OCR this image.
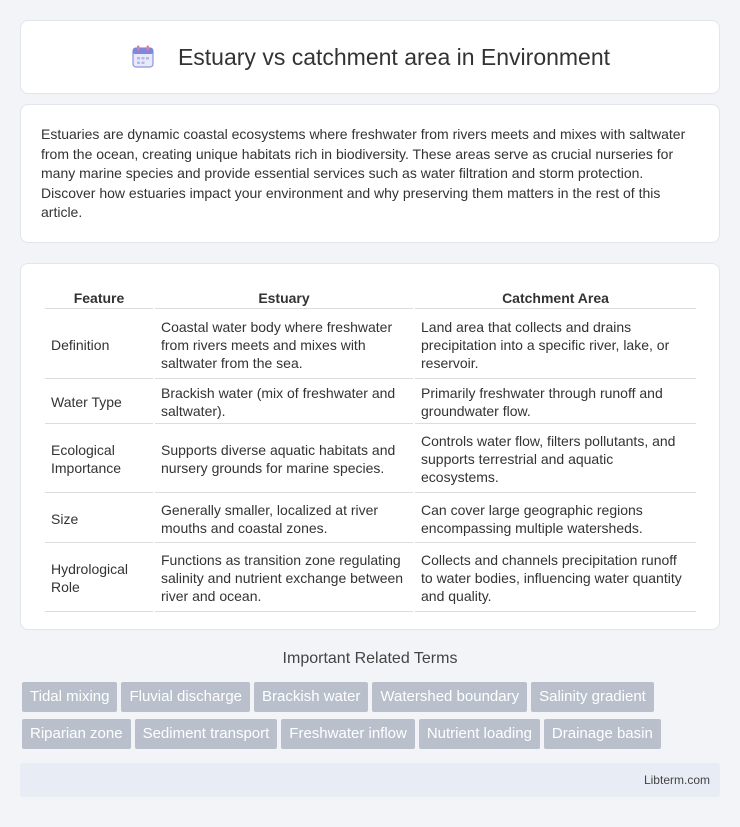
Estuary vs catchment area in Environment

Estuaries are dynamic coastal ecosystems where freshwater from rivers meets and mixes with saltwater from the ocean, creating unique habitats rich in biodiversity. These areas serve as crucial nurseries for many marine species and provide essential services such as water filtration and storm protection. Discover how estuaries impact your environment and why preserving them matters in the rest of this article.

Feature	Estuary	Catchment Area
Definition	Coastal water body where freshwater from rivers meets and mixes with saltwater from the sea.	Land area that collects and drains precipitation into a specific river, lake, or reservoir.
Water Type	Brackish water (mix of freshwater and saltwater).	Primarily freshwater through runoff and groundwater flow.
Ecological Importance	Supports diverse aquatic habitats and nursery grounds for marine species.	Controls water flow, filters pollutants, and supports terrestrial and aquatic ecosystems.
Size	Generally smaller, localized at river mouths and coastal zones.	Can cover large geographic regions encompassing multiple watersheds.
Hydrological Role	Functions as transition zone regulating salinity and nutrient exchange between river and ocean.	Collects and channels precipitation runoff to water bodies, influencing water quantity and quality.
Important Related Terms
Tidal mixing Fluvial discharge Brackish water Watershed boundary Salinity gradient
Riparian zone Sediment transport Freshwater inflow Nutrient loading Drainage basin
Libterm.com
